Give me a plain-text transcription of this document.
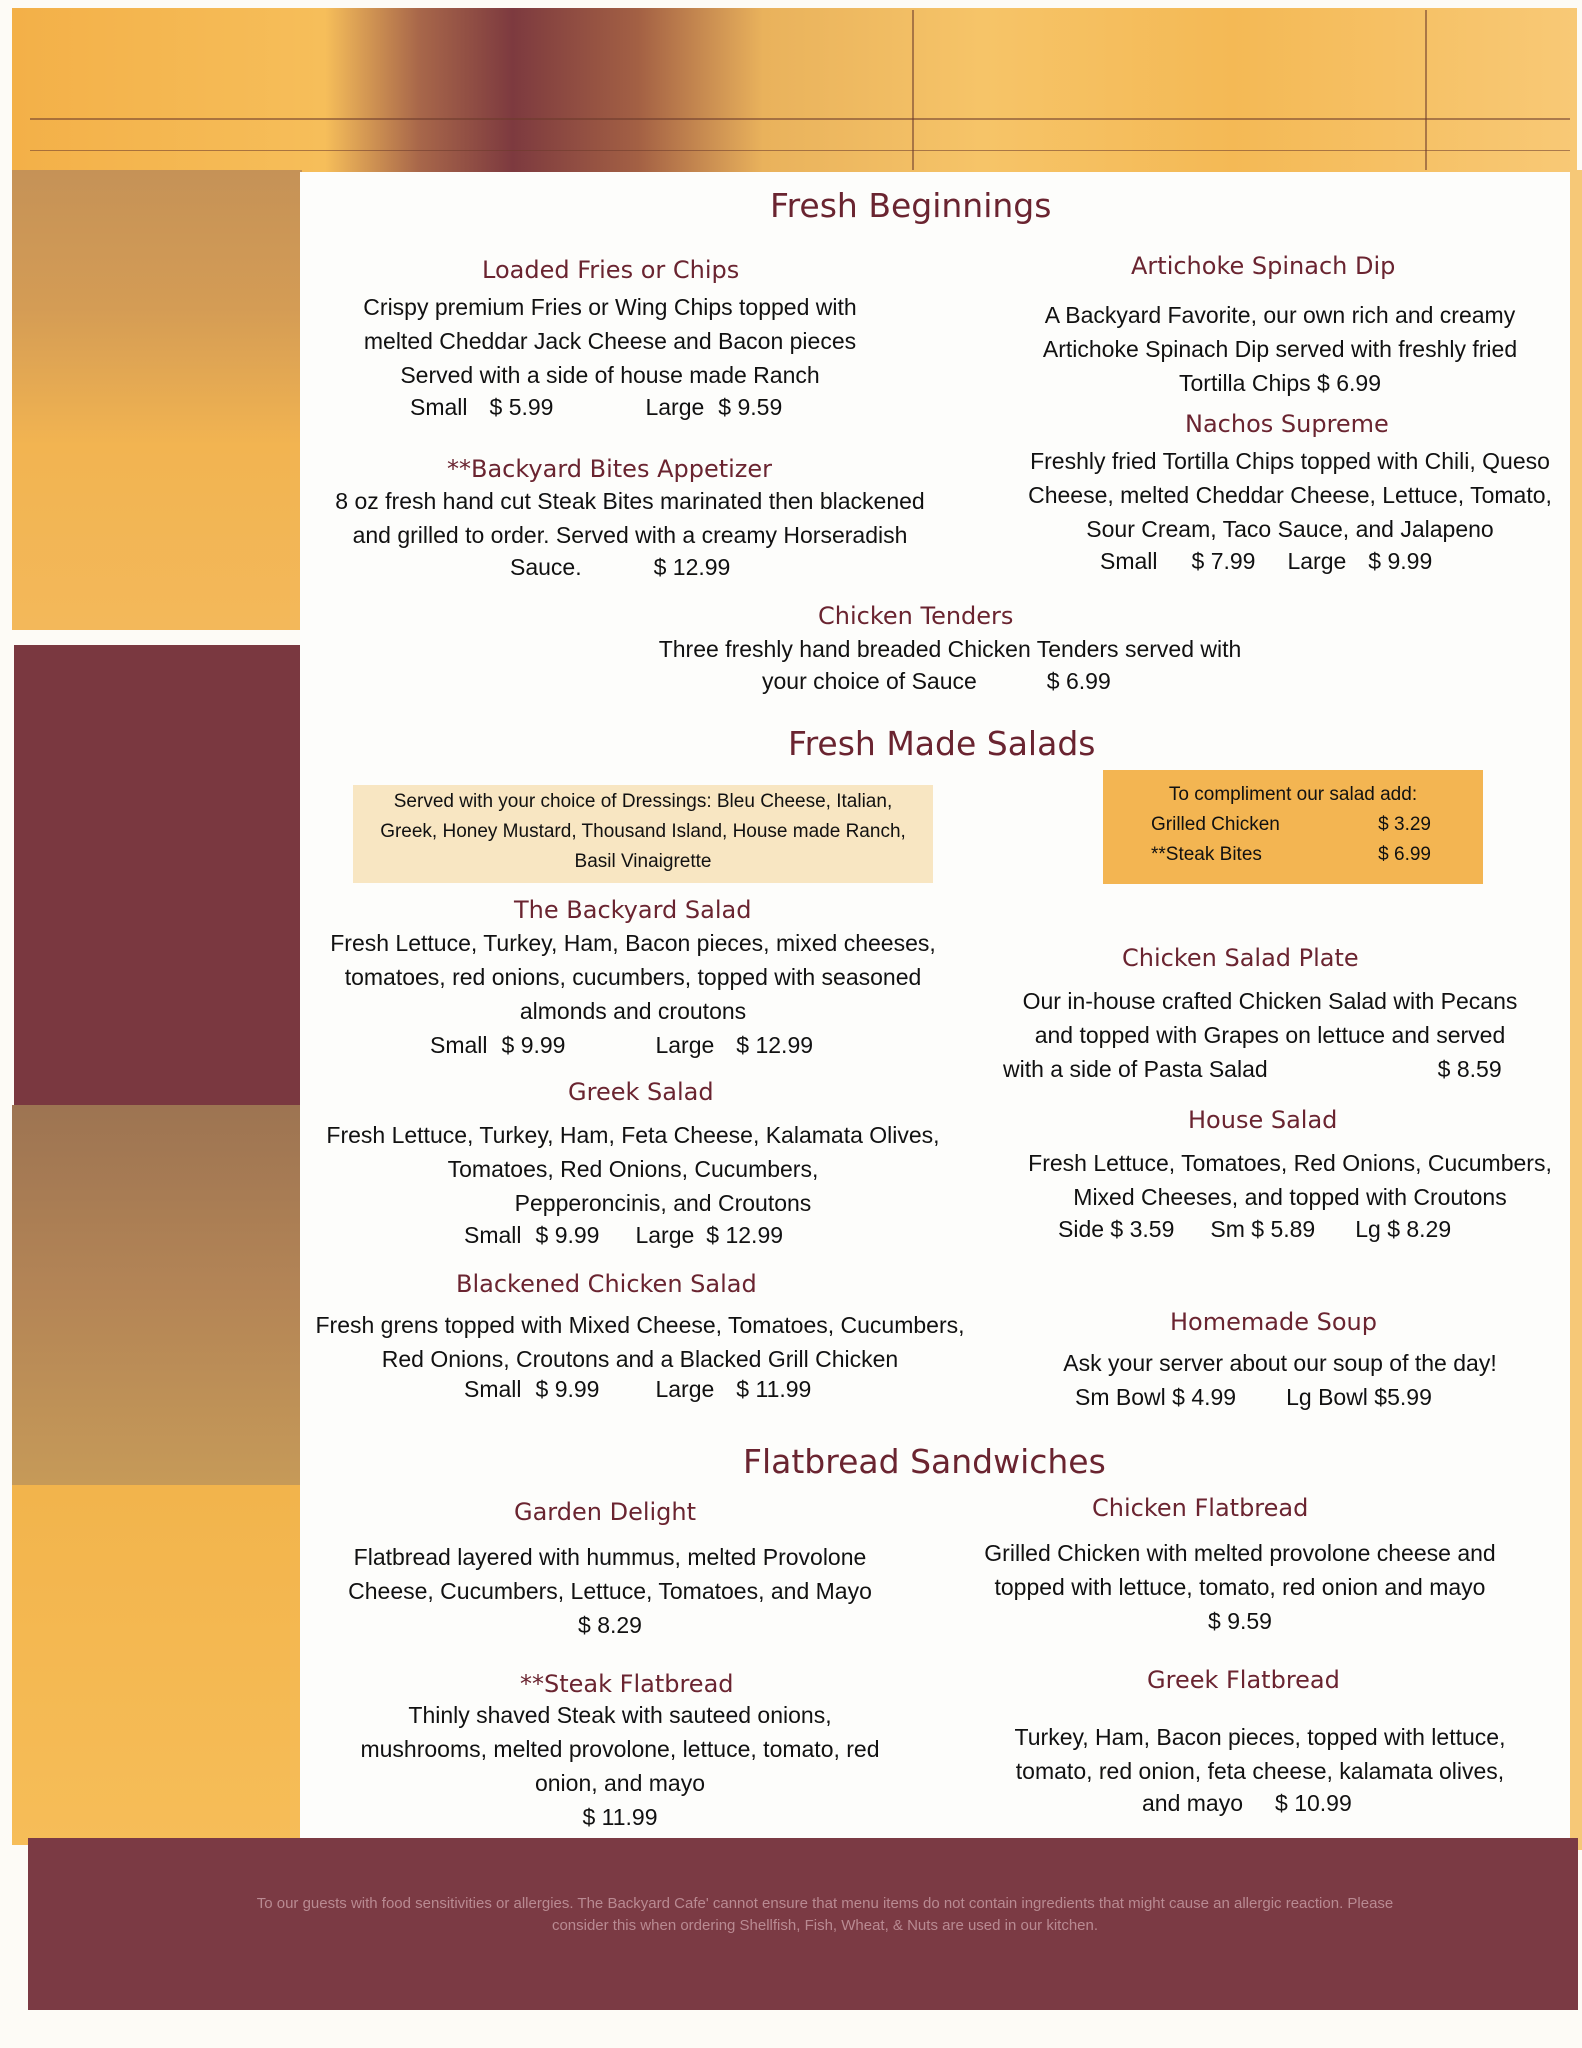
Fresh Beginnings
Loaded Fries or Chips
Crispy premium Fries or Wing Chips topped with
melted Cheddar Jack Cheese and Bacon pieces
Served with a side of house made Ranch
Small $ 5.99	Large $ 9.59
**Backyard Bites Appetizer
8 oz fresh hand cut Steak Bites marinated then blackened
and grilled to order. Served with a creamy Horseradish
Sauce.	$ 12.99
Artichoke Spinach Dip
A Backyard Favorite, our own rich and creamy
Artichoke Spinach Dip served with freshly fried
Tortilla Chips $ 6.99
Nachos Supreme
Freshly fried Tortilla Chips topped with Chili, Queso
Cheese, melted Cheddar Cheese, Lettuce, Tomato,
Sour Cream, Taco Sauce, and Jalapeno
Small $ 7.99 Large $ 9.99
Chicken Tenders
Three freshly hand breaded Chicken Tenders served with
your choice of Sauce	$ 6.99
Fresh Made Salads
Served with your choice of Dressings: Bleu Cheese, Italian,
Greek, Honey Mustard, Thousand Island, House made Ranch,
Basil Vinaigrette
To compliment our salad add:
Grilled Chicken	$ 3.29
**Steak Bites	$ 6.99
The Backyard Salad
Fresh Lettuce, Turkey, Ham, Bacon pieces, mixed cheeses,
tomatoes, red onions, cucumbers, topped with seasoned
almonds and croutons
Small $ 9.99	Large $ 12.99
Greek Salad
Fresh Lettuce, Turkey, Ham, Feta Cheese, Kalamata Olives,
Tomatoes, Red Onions, Cucumbers,
Pepperoncinis, and Croutons
Small $ 9.99 Large $ 12.99
Blackened Chicken Salad
Fresh grens topped with Mixed Cheese, Tomatoes, Cucumbers,
Red Onions, Croutons and a Blacked Grill Chicken
Small $ 9.99 Large $ 11.99
Chicken Salad Plate
Our in-house crafted Chicken Salad with Pecans
and topped with Grapes on lettuce and served
with a side of Pasta Salad	$ 8.59
House Salad
Fresh Lettuce, Tomatoes, Red Onions, Cucumbers,
Mixed Cheeses, and topped with Croutons
Side $ 3.59 Sm $ 5.89 Lg $ 8.29
Homemade Soup
Ask your server about our soup of the day!
Sm Bowl $ 4.99 Lg Bowl $5.99
Flatbread Sandwiches
Garden Delight
Flatbread layered with hummus, melted Provolone
Cheese, Cucumbers, Lettuce, Tomatoes, and Mayo
$ 8.29
Chicken Flatbread
Grilled Chicken with melted provolone cheese and
topped with lettuce, tomato, red onion and mayo
$ 9.59
**Steak Flatbread
Thinly shaved Steak with sauteed onions,
mushrooms, melted provolone, lettuce, tomato, red
onion, and mayo
$ 11.99
Greek Flatbread
Turkey, Ham, Bacon pieces, topped with lettuce,
tomato, red onion, feta cheese, kalamata olives,
and mayo $ 10.99
To our guests with food sensitivities or allergies. The Backyard Cafe' cannot ensure that menu items do not contain ingredients that might cause an allergic reaction. Please
consider this when ordering Shellfish, Fish, Wheat, & Nuts are used in our kitchen.
